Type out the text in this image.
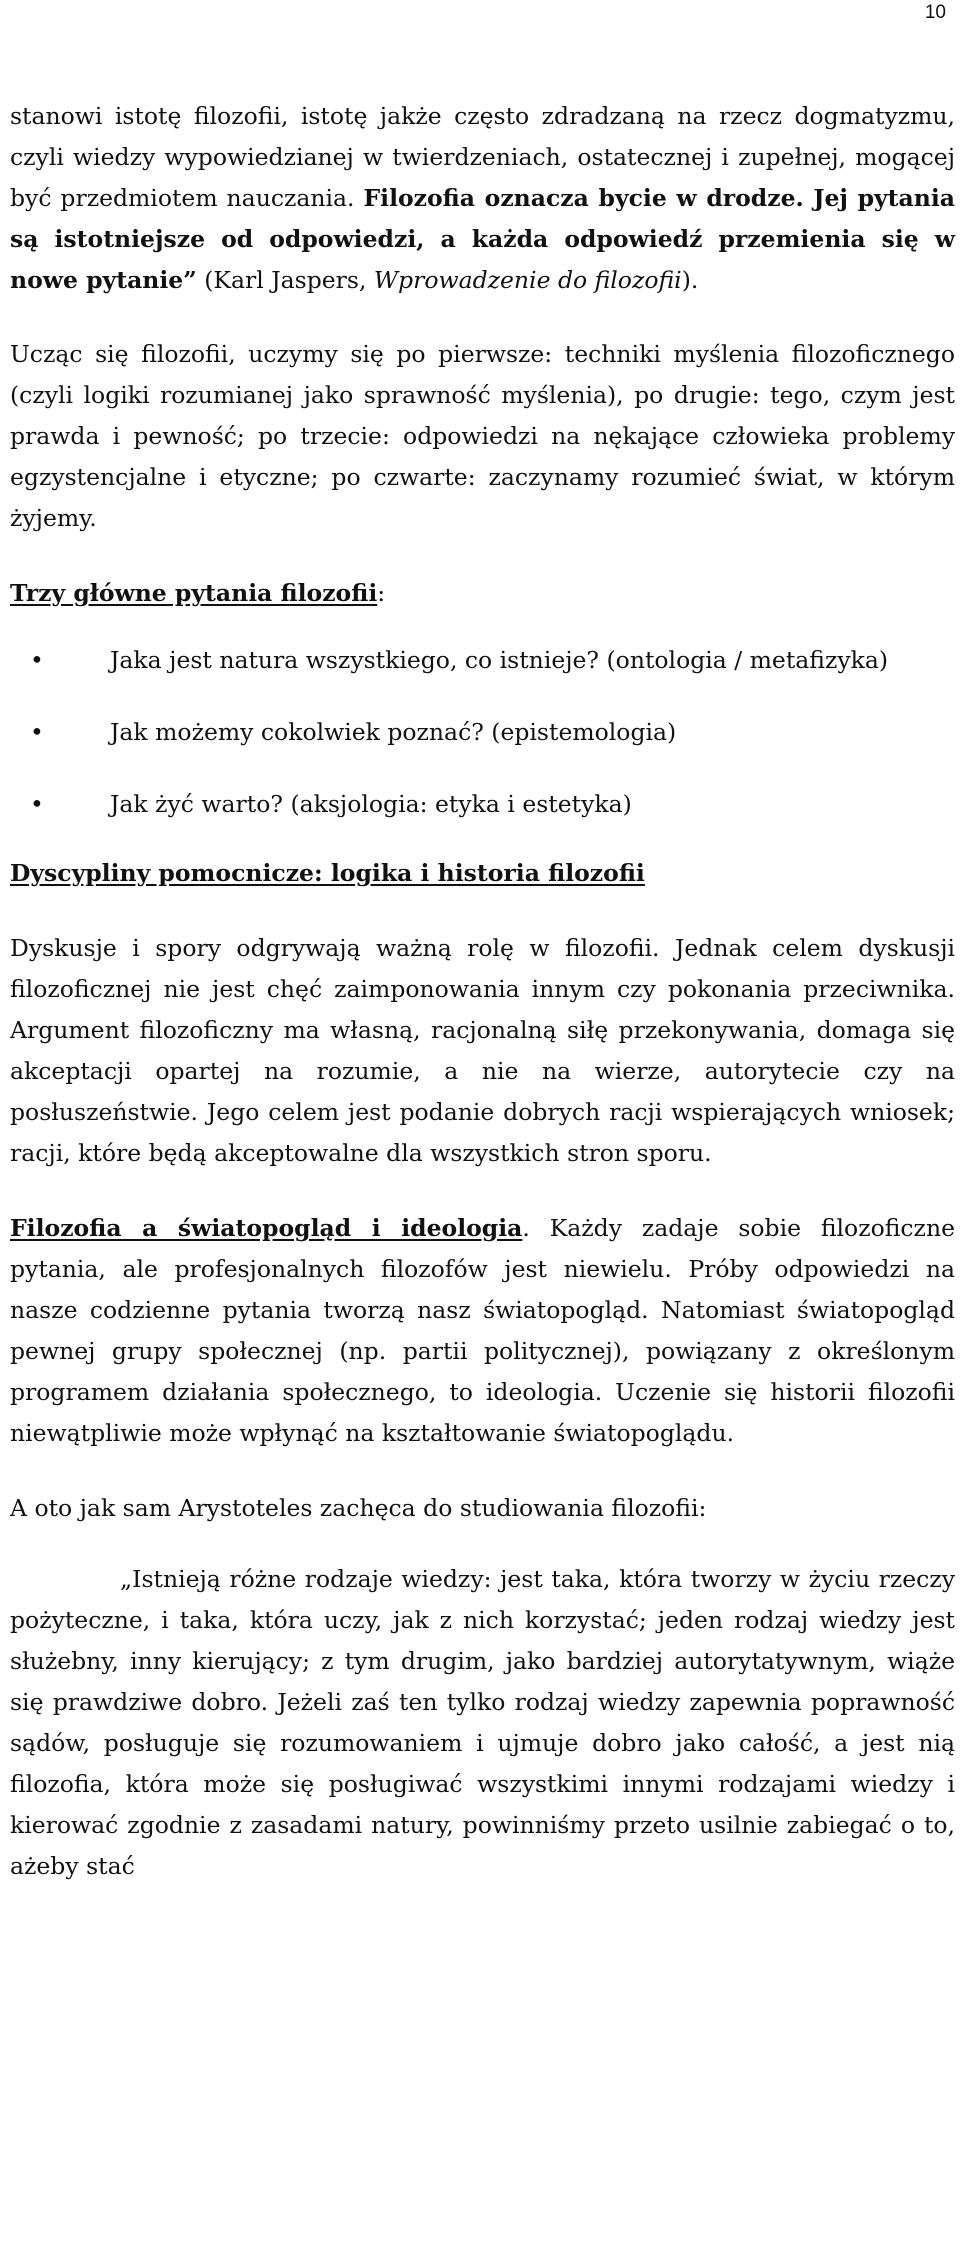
10

stanowi istotę filozofii, istotę jakże często zdradzaną na rzecz dogmatyzmu, czyli wiedzy wypowiedzianej w twierdzeniach, ostatecznej i zupełnej, mogącej być przedmiotem nauczania. Filozofia oznacza bycie w drodze. Jej pytania są istotniejsze od odpowiedzi, a każda odpowiedź przemienia się w nowe pytanie” (Karl Jaspers, Wprowadzenie do filozofii).

Ucząc się filozofii, uczymy się po pierwsze: techniki myślenia filozoficznego (czyli logiki rozumianej jako sprawność myślenia), po drugie: tego, czym jest prawda i pewność; po trzecie: odpowiedzi na nękające człowieka problemy egzystencjalne i etyczne; po czwarte: zaczynamy rozumieć świat, w którym żyjemy.

Trzy główne pytania filozofii:

•	Jaka jest natura wszystkiego, co istnieje? (ontologia / metafizyka)
•	Jak możemy cokolwiek poznać? (epistemologia)
•	Jak żyć warto? (aksjologia: etyka i estetyka)

Dyscypliny pomocnicze: logika i historia filozofii

Dyskusje i spory odgrywają ważną rolę w filozofii. Jednak celem dyskusji filozoficznej nie jest chęć zaimponowania innym czy pokonania przeciwnika. Argument filozoficzny ma własną, racjonalną siłę przekonywania, domaga się akceptacji opartej na rozumie, a nie na wierze, autorytecie czy na posłuszeństwie. Jego celem jest podanie dobrych racji wspierających wniosek; racji, które będą akceptowalne dla wszystkich stron sporu.

Filozofia a światopogląd i ideologia. Każdy zadaje sobie filozoficzne pytania, ale profesjonalnych filozofów jest niewielu. Próby odpowiedzi na nasze codzienne pytania tworzą nasz światopogląd. Natomiast światopogląd pewnej grupy społecznej (np. partii politycznej), powiązany z określonym programem działania społecznego, to ideologia. Uczenie się historii filozofii niewątpliwie może wpłynąć na kształtowanie światopoglądu.

A oto jak sam Arystoteles zachęca do studiowania filozofii:

„Istnieją różne rodzaje wiedzy: jest taka, która tworzy w życiu rzeczy pożyteczne, i taka, która uczy, jak z nich korzystać; jeden rodzaj wiedzy jest służebny, inny kierujący; z tym drugim, jako bardziej autorytatywnym, wiąże się prawdziwe dobro. Jeżeli zaś ten tylko rodzaj wiedzy zapewnia poprawność sądów, posługuje się rozumowaniem i ujmuje dobro jako całość, a jest nią filozofia, która może się posługiwać wszystkimi innymi rodzajami wiedzy i kierować zgodnie z zasadami natury, powinniśmy przeto usilnie zabiegać o to, ażeby stać
